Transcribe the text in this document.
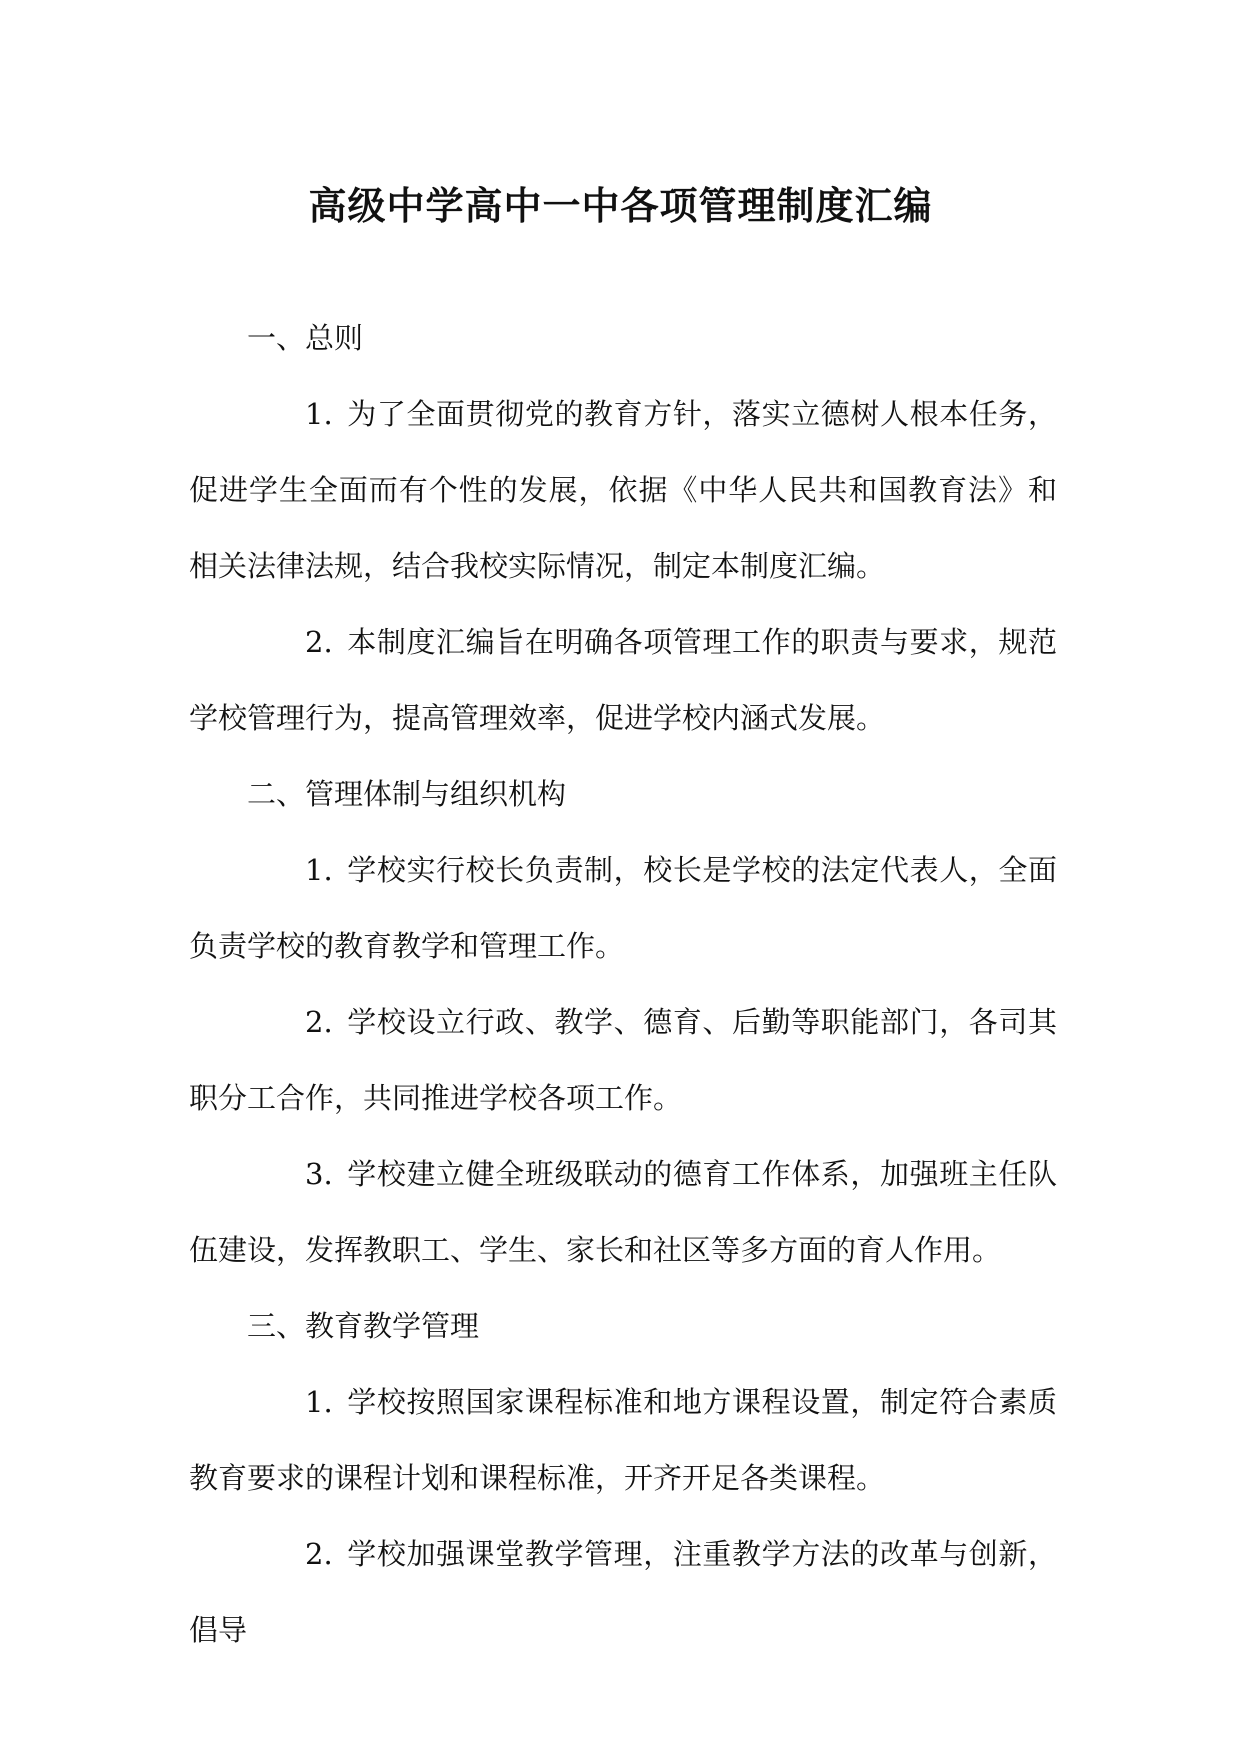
高级中学高中一中各项管理制度汇编

一、总则

1. 为了全面贯彻党的教育方针，落实立德树人根本任务，促进学生全面而有个性的发展，依据《中华人民共和国教育法》和相关法律法规，结合我校实际情况，制定本制度汇编。

2. 本制度汇编旨在明确各项管理工作的职责与要求，规范学校管理行为，提高管理效率，促进学校内涵式发展。

二、管理体制与组织机构

1. 学校实行校长负责制，校长是学校的法定代表人，全面负责学校的教育教学和管理工作。

2. 学校设立行政、教学、德育、后勤等职能部门，各司其职分工合作，共同推进学校各项工作。

3. 学校建立健全班级联动的德育工作体系，加强班主任队伍建设，发挥教职工、学生、家长和社区等多方面的育人作用。

三、教育教学管理

1. 学校按照国家课程标准和地方课程设置，制定符合素质教育要求的课程计划和课程标准，开齐开足各类课程。

2. 学校加强课堂教学管理，注重教学方法的改革与创新，倡导
